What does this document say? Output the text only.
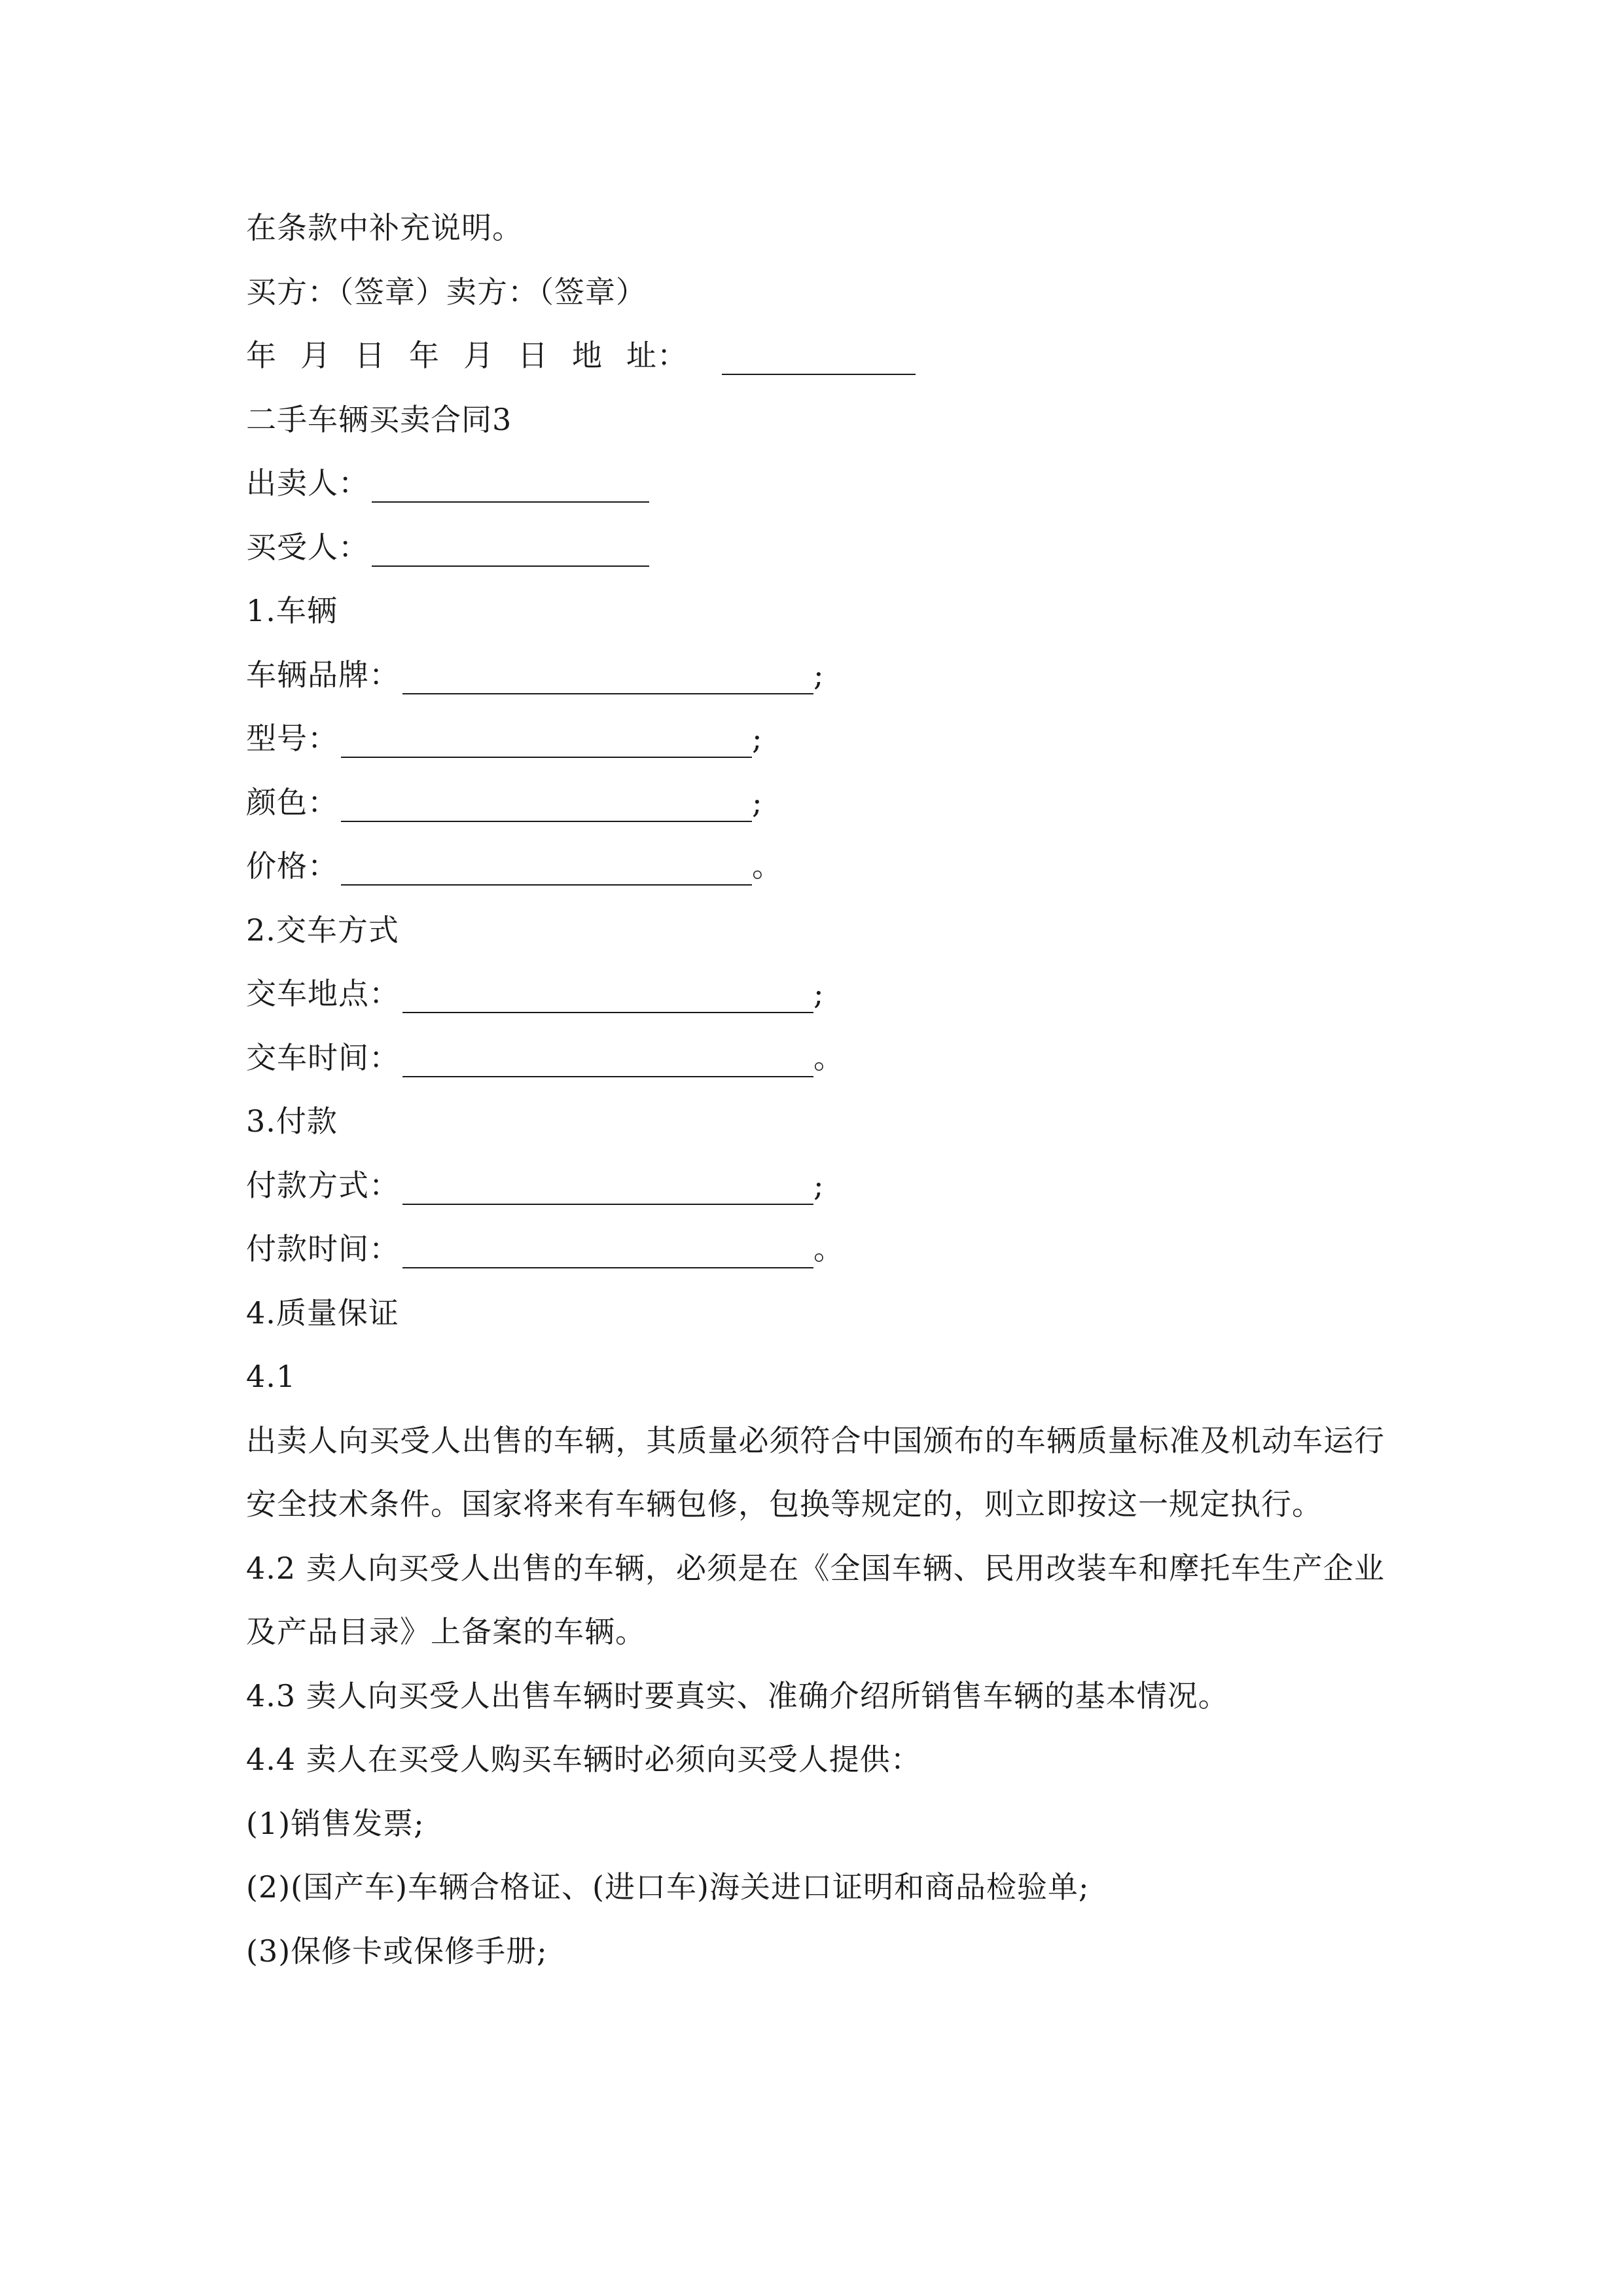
在条款中补充说明。
买方：（签章）卖方：（签章）
年 月 日 年 月 日 地 址：
二手车辆买卖合同3
出卖人：
买受人：
1.车辆
车辆品牌：	;
型号：	;
颜色：	;
价格：	。
2.交车方式
交车地点：	;
交车时间：	。
3.付款
付款方式：	;
付款时间：	。
4.质量保证
4.1
出卖人向买受人出售的车辆，其质量必须符合中国颁布的车辆质量标准及机动车运行安全技术条件。国家将来有车辆包修，包换等规定的，则立即按这一规定执行。
4.2 卖人向买受人出售的车辆，必须是在《全国车辆、民用改装车和摩托车生产企业及产品目录》上备案的车辆。
4.3 卖人向买受人出售车辆时要真实、准确介绍所销售车辆的基本情况。
4.4 卖人在买受人购买车辆时必须向买受人提供：
(1)销售发票;
(2)(国产车)车辆合格证、(进口车)海关进口证明和商品检验单;
(3)保修卡或保修手册;
